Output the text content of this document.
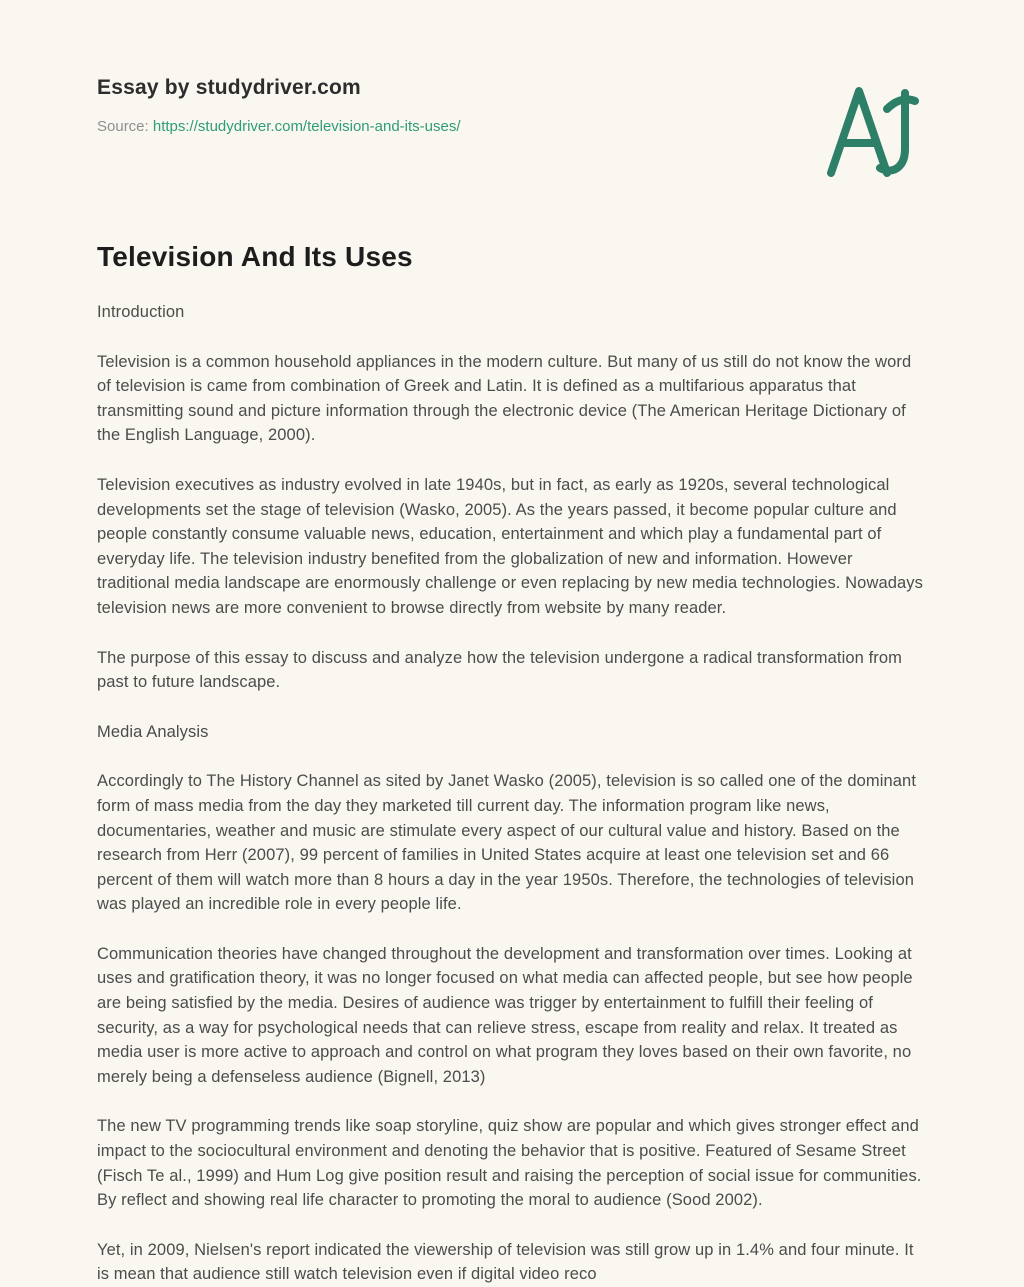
Essay by studydriver.com
Source: https://studydriver.com/television-and-its-uses/
Television And Its Uses

Introduction

Television is a common household appliances in the modern culture. But many of us still do not know the word of television is came from combination of Greek and Latin. It is defined as a multifarious apparatus that transmitting sound and picture information through the electronic device (The American Heritage Dictionary of the English Language, 2000).

Television executives as industry evolved in late 1940s, but in fact, as early as 1920s, several technological developments set the stage of television (Wasko, 2005). As the years passed, it become popular culture and people constantly consume valuable news, education, entertainment and which play a fundamental part of everyday life. The television industry benefited from the globalization of new and information. However traditional media landscape are enormously challenge or even replacing by new media technologies. Nowadays television news are more convenient to browse directly from website by many reader.

The purpose of this essay to discuss and analyze how the television undergone a radical transformation from past to future landscape.

Media Analysis

Accordingly to The History Channel as sited by Janet Wasko (2005), television is so called one of the dominant form of mass media from the day they marketed till current day. The information program like news, documentaries, weather and music are stimulate every aspect of our cultural value and history. Based on the research from Herr (2007), 99 percent of families in United States acquire at least one television set and 66 percent of them will watch more than 8 hours a day in the year 1950s. Therefore, the technologies of television was played an incredible role in every people life.

Communication theories have changed throughout the development and transformation over times. Looking at uses and gratification theory, it was no longer focused on what media can affected people, but see how people are being satisfied by the media. Desires of audience was trigger by entertainment to fulfill their feeling of security, as a way for psychological needs that can relieve stress, escape from reality and relax. It treated as media user is more active to approach and control on what program they loves based on their own favorite, no merely being a defenseless audience (Bignell, 2013)

The new TV programming trends like soap storyline, quiz show are popular and which gives stronger effect and impact to the sociocultural environment and denoting the behavior that is positive. Featured of Sesame Street (Fisch Te al., 1999) and Hum Log give position result and raising the perception of social issue for communities. By reflect and showing real life character to promoting the moral to audience (Sood 2002).

Yet, in 2009, Nielsen's report indicated the viewership of television was still grow up in 1.4% and four minute. It is mean that audience still watch television even if digital video reco
